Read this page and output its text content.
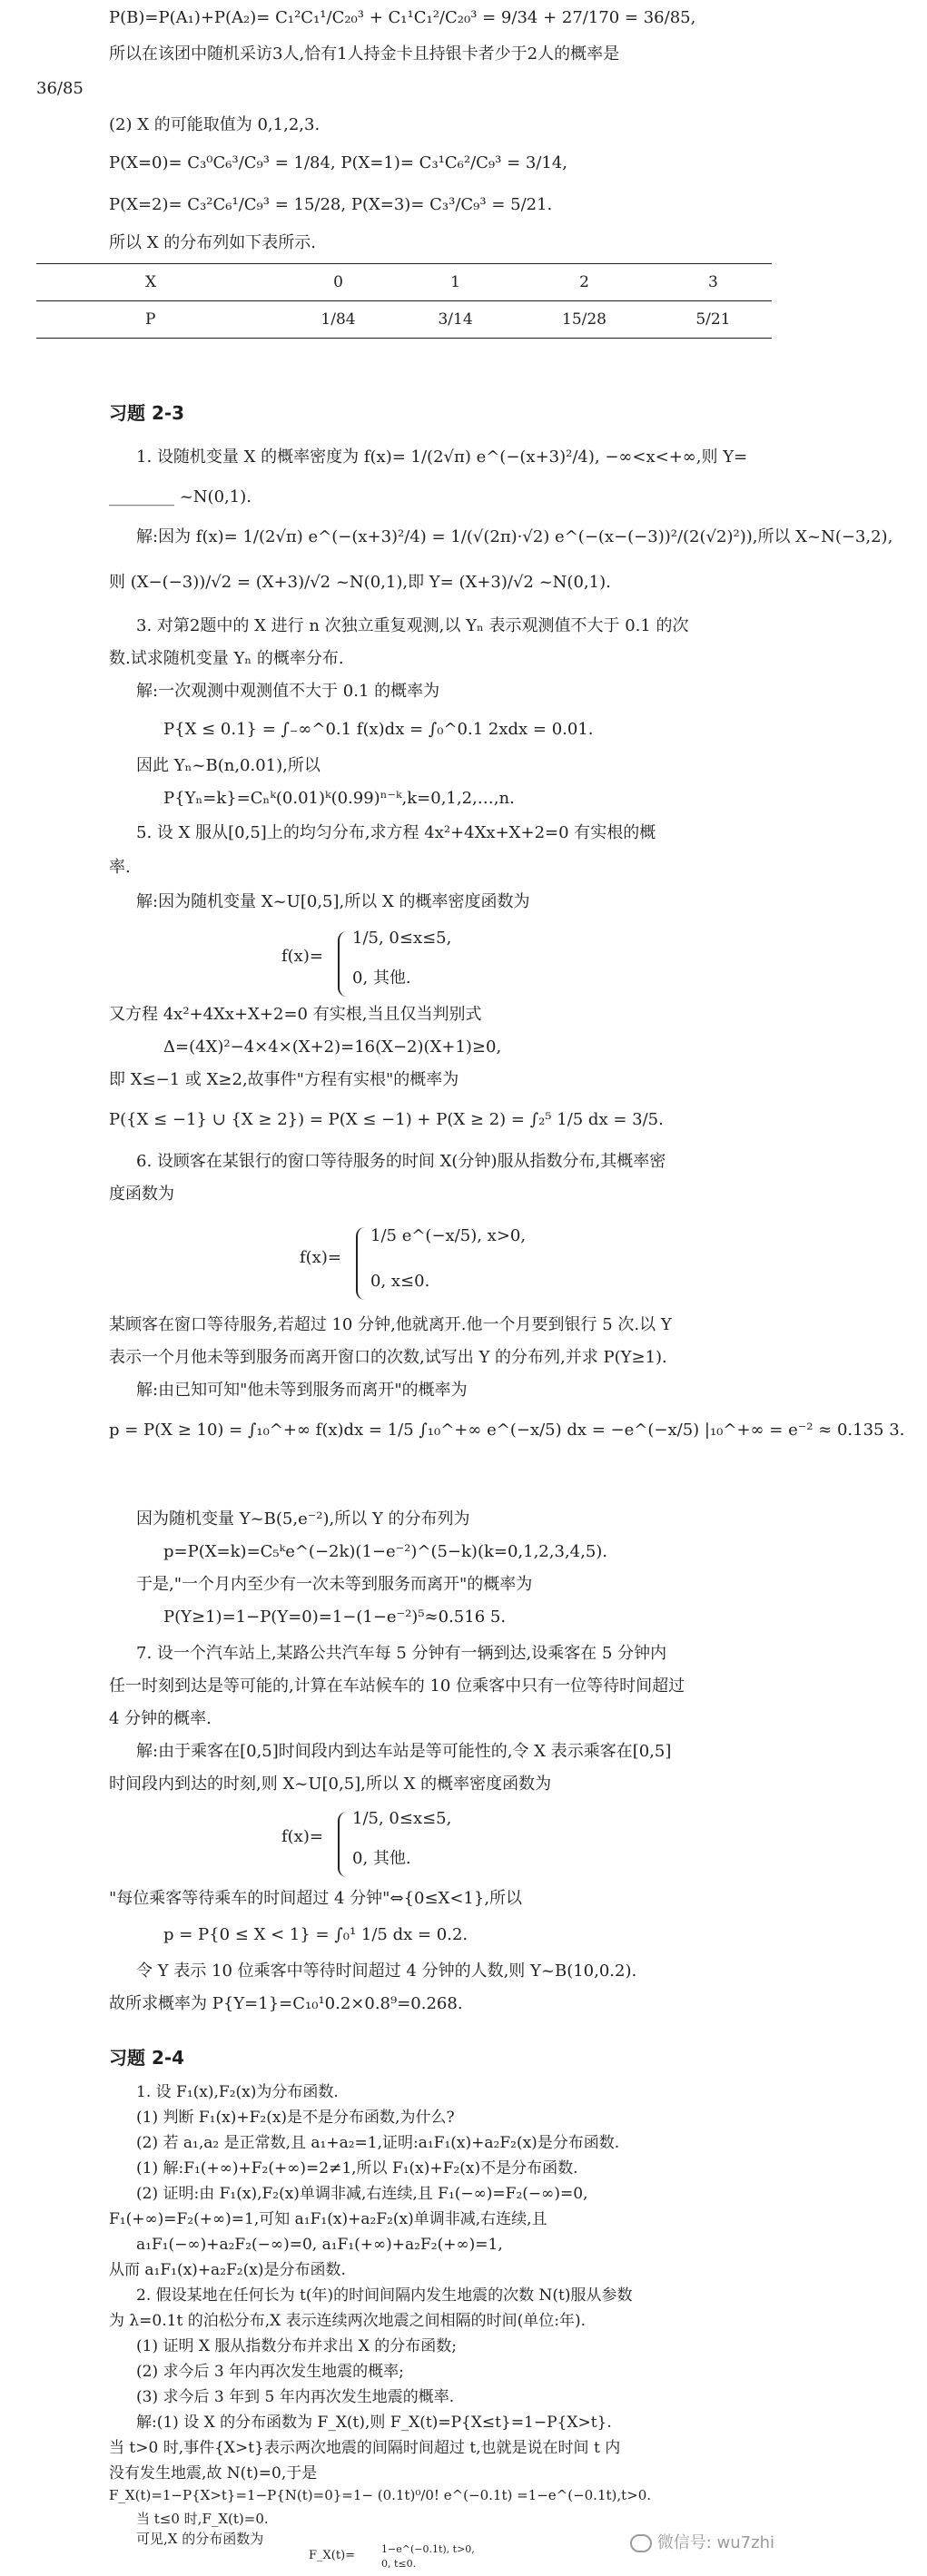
P(B)=P(A₁)+P(A₂)= C₁²C₁¹/C₂₀³ + C₁¹C₁²/C₂₀³ = 9/34 + 27/170 = 36/85,
所以在该团中随机采访3人,恰有1人持金卡且持银卡者少于2人的概率是
36/85
(2) X 的可能取值为 0,1,2,3.
P(X=0)= C₃⁰C₆³/C₉³ = 1/84, P(X=1)= C₃¹C₆²/C₉³ = 3/14,
P(X=2)= C₃²C₆¹/C₉³ = 15/28, P(X=3)= C₃³/C₉³ = 5/21.
所以 X 的分布列如下表所示.
X	0	1	2	3
P	1/84	3/14	15/28	5/21
习题 2-3
1. 设随机变量 X 的概率密度为 f(x)= 1/(2√π) e^(−(x+3)²/4), −∞<x<+∞,则 Y=
________ ~N(0,1).
解:因为 f(x)= 1/(2√π) e^(−(x+3)²/4) = 1/(√(2π)·√2) e^(−(x−(−3))²/(2(√2)²)),所以 X~N(−3,2),
则 (X−(−3))/√2 = (X+3)/√2 ~N(0,1),即 Y= (X+3)/√2 ~N(0,1).
3. 对第2题中的 X 进行 n 次独立重复观测,以 Yₙ 表示观测值不大于 0.1 的次
数.试求随机变量 Yₙ 的概率分布.
解:一次观测中观测值不大于 0.1 的概率为
P{X ≤ 0.1} = ∫₋∞^0.1 f(x)dx = ∫₀^0.1 2xdx = 0.01.
因此 Yₙ~B(n,0.01),所以
P{Yₙ=k}=Cₙᵏ(0.01)ᵏ(0.99)ⁿ⁻ᵏ,k=0,1,2,…,n.
5. 设 X 服从[0,5]上的均匀分布,求方程 4x²+4Xx+X+2=0 有实根的概
率.
解:因为随机变量 X~U[0,5],所以 X 的概率密度函数为
f(x)=
1/5, 0≤x≤5,
0, 其他.
又方程 4x²+4Xx+X+2=0 有实根,当且仅当判别式
Δ=(4X)²−4×4×(X+2)=16(X−2)(X+1)≥0,
即 X≤−1 或 X≥2,故事件"方程有实根"的概率为
P({X ≤ −1} ∪ {X ≥ 2}) = P(X ≤ −1) + P(X ≥ 2) = ∫₂⁵ 1/5 dx = 3/5.
6. 设顾客在某银行的窗口等待服务的时间 X(分钟)服从指数分布,其概率密
度函数为
f(x)=
1/5 e^(−x/5), x>0,
0, x≤0.
某顾客在窗口等待服务,若超过 10 分钟,他就离开.他一个月要到银行 5 次.以 Y
表示一个月他未等到服务而离开窗口的次数,试写出 Y 的分布列,并求 P(Y≥1).
解:由已知可知"他未等到服务而离开"的概率为
p = P(X ≥ 10) = ∫₁₀^+∞ f(x)dx = 1/5 ∫₁₀^+∞ e^(−x/5) dx = −e^(−x/5) |₁₀^+∞ = e⁻² ≈ 0.135 3.
因为随机变量 Y~B(5,e⁻²),所以 Y 的分布列为
p=P(X=k)=C₅ᵏe^(−2k)(1−e⁻²)^(5−k)(k=0,1,2,3,4,5).
于是,"一个月内至少有一次未等到服务而离开"的概率为
P(Y≥1)=1−P(Y=0)=1−(1−e⁻²)⁵≈0.516 5.
7. 设一个汽车站上,某路公共汽车每 5 分钟有一辆到达,设乘客在 5 分钟内
任一时刻到达是等可能的,计算在车站候车的 10 位乘客中只有一位等待时间超过
4 分钟的概率.
解:由于乘客在[0,5]时间段内到达车站是等可能性的,令 X 表示乘客在[0,5]
时间段内到达的时刻,则 X~U[0,5],所以 X 的概率密度函数为
f(x)=
1/5, 0≤x≤5,
0, 其他.
"每位乘客等待乘车的时间超过 4 分钟"⇔{0≤X<1},所以
p = P{0 ≤ X < 1} = ∫₀¹ 1/5 dx = 0.2.
令 Y 表示 10 位乘客中等待时间超过 4 分钟的人数,则 Y~B(10,0.2).
故所求概率为 P{Y=1}=C₁₀¹0.2×0.8⁹=0.268.
习题 2-4
1. 设 F₁(x),F₂(x)为分布函数.
(1) 判断 F₁(x)+F₂(x)是不是分布函数,为什么?
(2) 若 a₁,a₂ 是正常数,且 a₁+a₂=1,证明:a₁F₁(x)+a₂F₂(x)是分布函数.
(1) 解:F₁(+∞)+F₂(+∞)=2≠1,所以 F₁(x)+F₂(x)不是分布函数.
(2) 证明:由 F₁(x),F₂(x)单调非减,右连续,且 F₁(−∞)=F₂(−∞)=0,
F₁(+∞)=F₂(+∞)=1,可知 a₁F₁(x)+a₂F₂(x)单调非减,右连续,且
a₁F₁(−∞)+a₂F₂(−∞)=0, a₁F₁(+∞)+a₂F₂(+∞)=1,
从而 a₁F₁(x)+a₂F₂(x)是分布函数.
2. 假设某地在任何长为 t(年)的时间间隔内发生地震的次数 N(t)服从参数
为 λ=0.1t 的泊松分布,X 表示连续两次地震之间相隔的时间(单位:年).
(1) 证明 X 服从指数分布并求出 X 的分布函数;
(2) 求今后 3 年内再次发生地震的概率;
(3) 求今后 3 年到 5 年内再次发生地震的概率.
解:(1) 设 X 的分布函数为 F_X(t),则 F_X(t)=P{X≤t}=1−P{X>t}.
当 t>0 时,事件{X>t}表示两次地震的间隔时间超过 t,也就是说在时间 t 内
没有发生地震,故 N(t)=0,于是
F_X(t)=1−P{X>t}=1−P{N(t)=0}=1− (0.1t)⁰/0! e^(−0.1t) =1−e^(−0.1t),t>0.
当 t≤0 时,F_X(t)=0.
可见,X 的分布函数为
F_X(t)=	1−e^(−0.1t), t>0,
0, t≤0.
即 X 服从参数为 λ=0.1 的指数分布.
(2) P{X≤3}=F(3)=1−e^(−3×0.1)=1−e^(−0.3);
(3) P{3≤X≤5}=F(5)−F(3)=1−e^(−5×0.1)−(1−e^(−3×0.1))=e^(−0.3)−e^(−0.5).
4. 设 X~N(3,2²).
(1) 确定 c,使得 P{X>c}=P{X≤c};
(2) 设 d 满足 P{X>d}≥0.9,问 d 至多为多少?
微信号: wu7zhi
